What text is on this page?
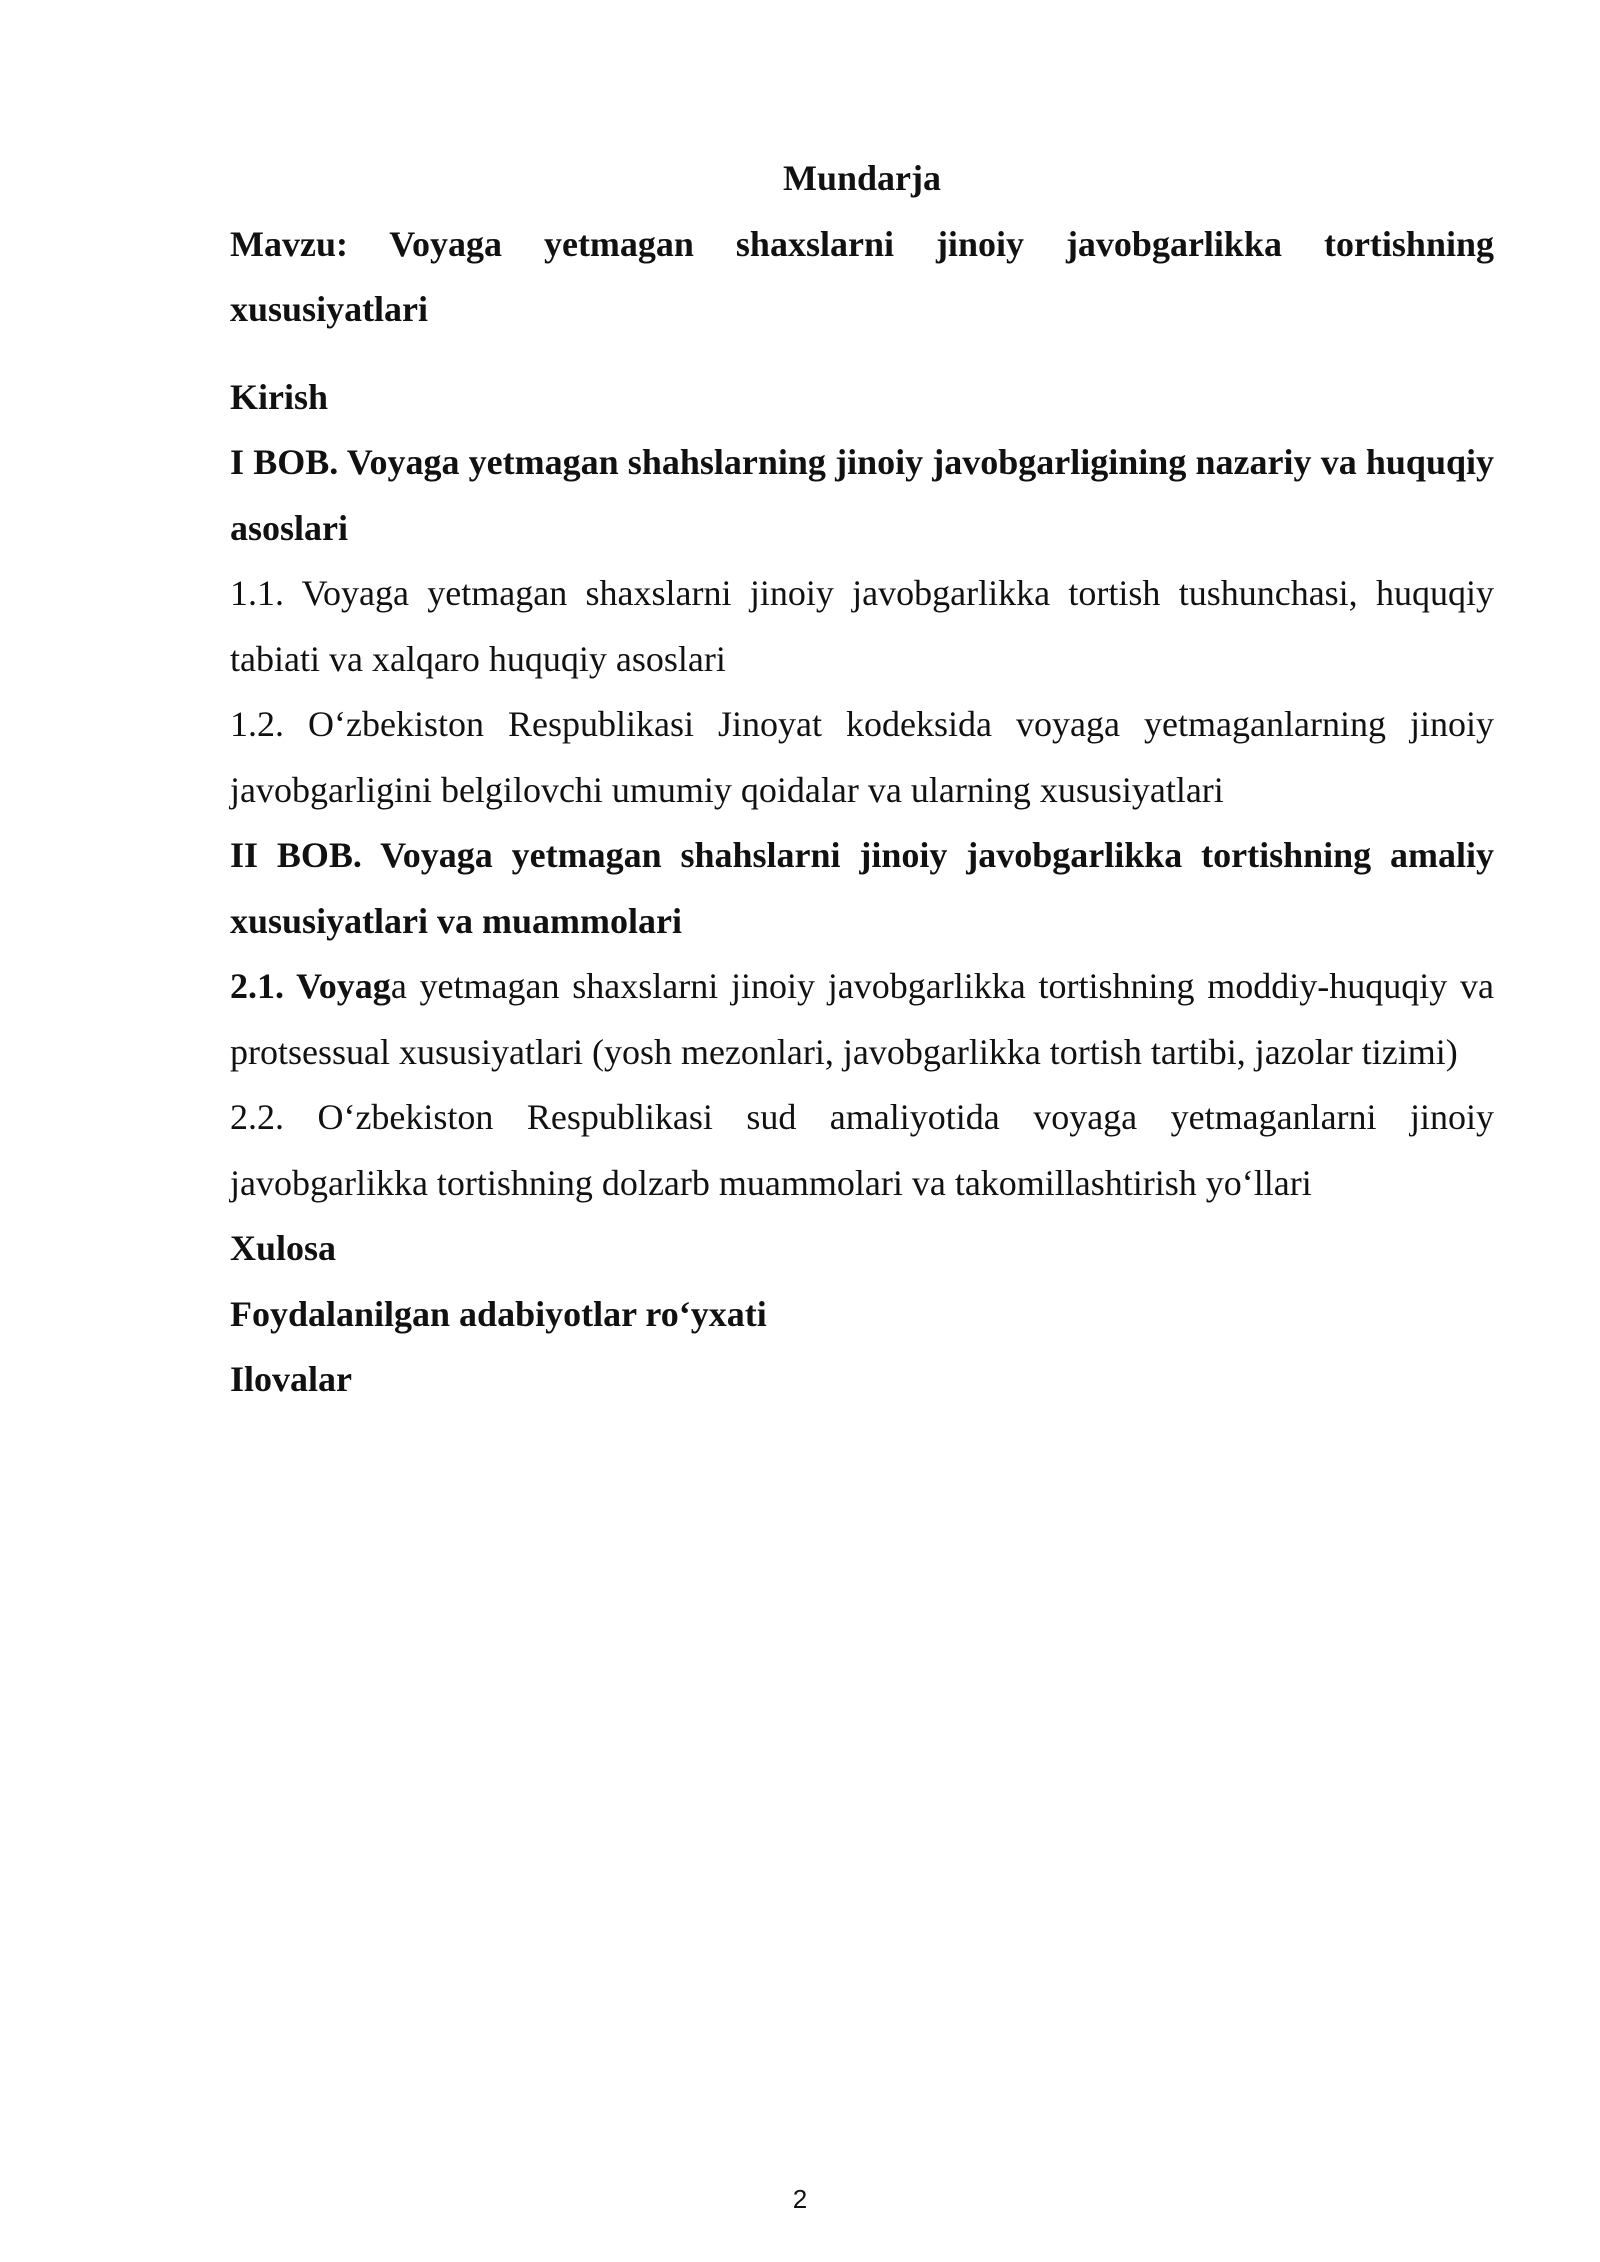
Mundarja
Mavzu: Voyaga yetmagan shaxslarni jinoiy javobgarlikka tortishning xususiyatlari
Kirish
I BOB. Voyaga yetmagan shahslarning jinoiy javobgarligining nazariy va huquqiy asoslari
1.1. Voyaga yetmagan shaxslarni jinoiy javobgarlikka tortish tushunchasi, huquqiy tabiati va xalqaro huquqiy asoslari
1.2. O‘zbekiston Respublikasi Jinoyat kodeksida voyaga yetmaganlarning jinoiy javobgarligini belgilovchi umumiy qoidalar va ularning xususiyatlari
II BOB. Voyaga yetmagan shahslarni jinoiy javobgarlikka tortishning amaliy xususiyatlari va muammolari
2.1. Voyaga yetmagan shaxslarni jinoiy javobgarlikka tortishning moddiy-huquqiy va protsessual xususiyatlari (yosh mezonlari, javobgarlikka tortish tartibi, jazolar tizimi)
2.2. O‘zbekiston Respublikasi sud amaliyotida voyaga yetmaganlarni jinoiy javobgarlikka tortishning dolzarb muammolari va takomillashtirish yo‘llari
Xulosa
Foydalanilgan adabiyotlar ro‘yxati
Ilovalar
2
